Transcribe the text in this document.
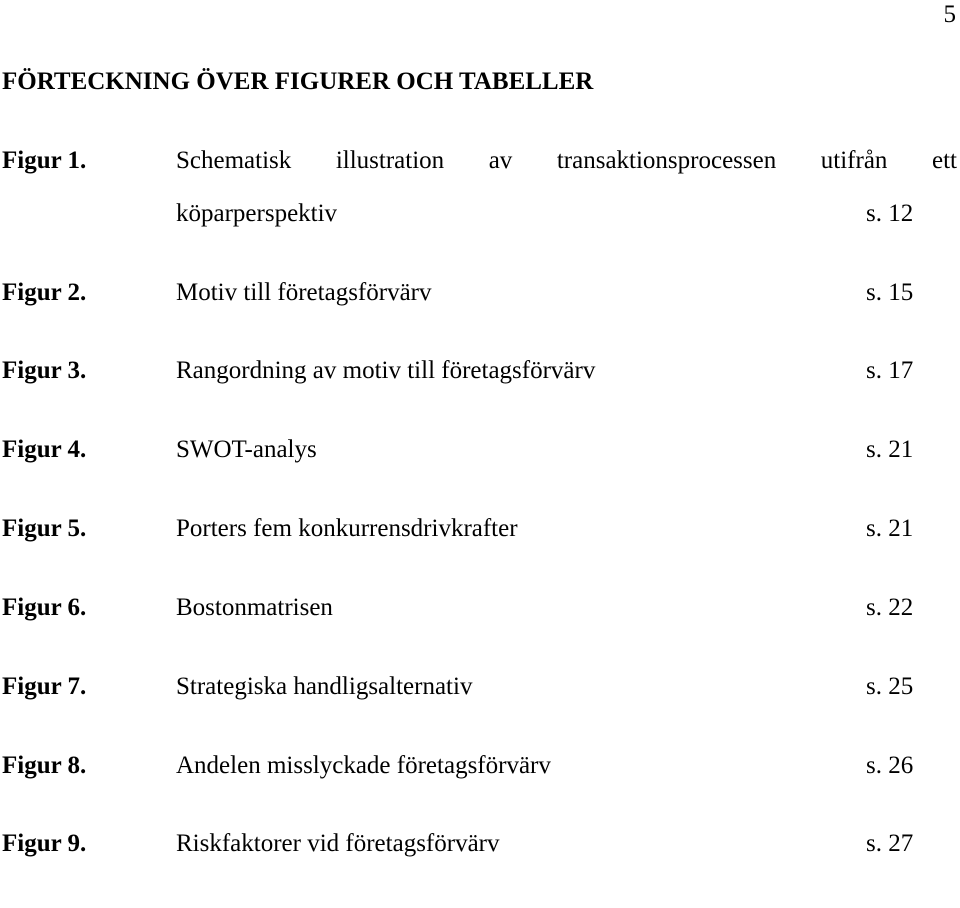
5
FÖRTECKNING ÖVER FIGURER OCH TABELLER
Figur 1.	Schematisk illustration av transaktionsprocessen utifrån ett
köparperspektiv	s. 12
Figur 2.	Motiv till företagsförvärv	s. 15
Figur 3.	Rangordning av motiv till företagsförvärv	s. 17
Figur 4.	SWOT-analys	s. 21
Figur 5.	Porters fem konkurrensdrivkrafter	s. 21
Figur 6.	Bostonmatrisen	s. 22
Figur 7.	Strategiska handligsalternativ	s. 25
Figur 8.	Andelen misslyckade företagsförvärv	s. 26
Figur 9.	Riskfaktorer vid företagsförvärv	s. 27
